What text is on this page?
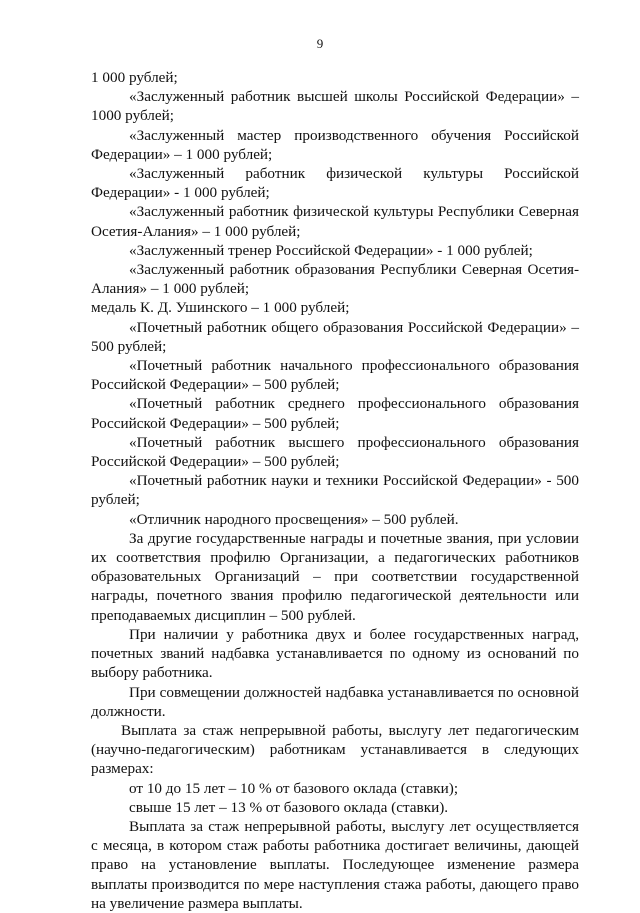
9

1 000 рублей;

«Заслуженный работник высшей школы Российской Федерации» – 1000 рублей;

«Заслуженный мастер производственного обучения Российской Федерации» – 1 000 рублей;

«Заслуженный работник физической культуры Российской Федерации» - 1 000 рублей;

«Заслуженный работник физической культуры Республики Северная Осетия-Алания» – 1 000 рублей;

«Заслуженный тренер Российской Федерации» - 1 000 рублей;

«Заслуженный работник образования Республики Северная Осетия-Алания» – 1 000 рублей;

медаль К. Д. Ушинского – 1 000 рублей;

«Почетный работник общего образования Российской Федерации» – 500 рублей;

«Почетный работник начального профессионального образования Российской Федерации» – 500 рублей;

«Почетный работник среднего профессионального образования Российской Федерации» – 500 рублей;

«Почетный работник высшего профессионального образования Российской Федерации» – 500 рублей;

«Почетный работник науки и техники Российской Федерации» - 500 рублей;

«Отличник народного просвещения» – 500 рублей.

За другие государственные награды и почетные звания, при условии их соответствия профилю Организации, а педагогических работников образовательных Организаций – при соответствии государственной награды, почетного звания профилю педагогической деятельности или преподаваемых дисциплин – 500 рублей.

При наличии у работника двух и более государственных наград, почетных званий надбавка устанавливается по одному из оснований по выбору работника.

При совмещении должностей надбавка устанавливается по основной должности.

Выплата за стаж непрерывной работы, выслугу лет педагогическим (научно-педагогическим) работникам устанавливается в следующих размерах:

от 10 до 15 лет – 10 % от базового оклада (ставки);

свыше 15 лет – 13 % от базового оклада (ставки).

Выплата за стаж непрерывной работы, выслугу лет осуществляется с месяца, в котором стаж работы работника достигает величины, дающей право на установление выплаты. Последующее изменение размера выплаты производится по мере наступления стажа работы, дающего право на увеличение размера выплаты.
